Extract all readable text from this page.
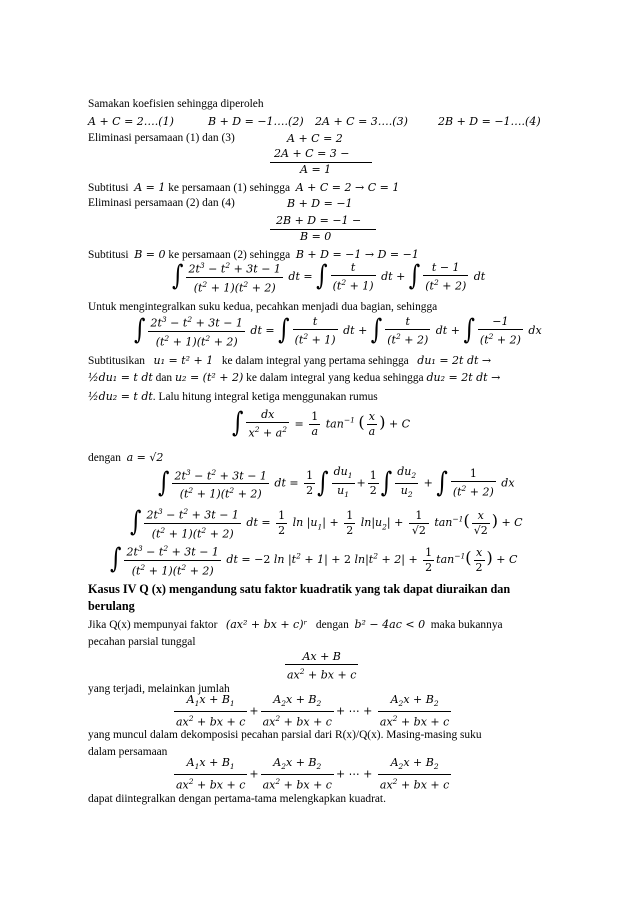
Samakan koefisien sehingga diperoleh
A + C = 2….(1)	B + D = −1….(2) 2A + C = 3….(3)	2B + D = −1….(4)
Eliminasi persamaan (1) dan (3)	A + C = 2
2A + C = 3 −
A = 1
Subtitusi A = 1 ke persamaan (1) sehingga A + C = 2 → C = 1
Eliminasi persamaan (2) dan (4)	B + D = −1
2B + D = −1 −
B = 0
Subtitusi B = 0 ke persamaan (2) sehingga B + D = −1 → D = −1
∫ $\frac{2t^3 - t^2 + 3t - 1}{(t^2 + 1)(t^2 + 2)}$ dt = ∫ $\frac{t}{(t^2 + 1)}$ dt + ∫ $\frac{t - 1}{(t^2 + 2)}$ dt
Untuk mengintegralkan suku kedua, pecahkan menjadi dua bagian, sehingga
∫ $\frac{2t^3 - t^2 + 3t - 1}{(t^2 + 1)(t^2 + 2)}$ dt = ∫ $\frac{t}{(t^2 + 1)}$ dt + ∫ $\frac{t}{(t^2 + 2)}$ dt + ∫ $\frac{-1}{(t^2 + 2)}$ dx
Subtitusikan u₁ = t² + 1 ke dalam integral yang pertama sehingga du₁ = 2t dt →
½du₁ = t dt dan u₂ = (t² + 2) ke dalam integral yang kedua sehingga du₂ = 2t dt →
½du₂ = t dt. Lalu hitung integral ketiga menggunakan rumus
∫ $\frac{dx}{x^2 + a^2} = \frac{1}{a} \tan^{-1}$ ( $\frac{x}{a}$ ) + C
dengan a = √2
∫ $\frac{2t^3 - t^2 + 3t - 1}{(t^2 + 1)(t^2 + 2)}$ dt = $\frac{1}{2}$ ∫ $\frac{du_1}{u_1} + \frac{1}{2}$ ∫ $\frac{du_2}{u_2}$ + ∫ $\frac{1}{(t^2 + 2)}$ dx
∫ $\frac{2t^3 - t^2 + 3t - 1}{(t^2 + 1)(t^2 + 2)}$ dt = $\frac{1}{2}$ $\ln |u_1| + \frac{1}{2} \ln|u_2| + \frac{1}{√2} \tan^{-1}( \frac{x}{√2}$ ) + C
∫ $\frac{2t^3 - t^2 + 3t - 1}{(t^2 + 1)(t^2 + 2)}$ dt = −2 $\ln |t^2 + 1| + 2$ $\ln|t^2 + 2| + \frac{1}{2} \tan^{-1}( \frac{x}{2}$ ) + C
Kasus IV Q (x) mengandung satu faktor kuadratik yang tak dapat diuraikan dan
berulang
Jika Q(x) mempunyai faktor (ax² + bx + c)ʳ dengan b² − 4ac < 0 maka bukannya
pecahan parsial tunggal
$\frac{Ax + B}{ax^2 + bx + c}$
yang terjadi, melainkan jumlah
$\frac{A_1x + B_1}{ax^2 + bx + c} + \frac{A_2x + B_2}{ax^2 + bx + c}$ + ⋯ + $\frac{A_2x + B_2}{ax^2 + bx + c}$
yang muncul dalam dekomposisi pecahan parsial dari R(x)/Q(x). Masing-masing suku
dalam persamaan
$\frac{A_1x + B_1}{ax^2 + bx + c} + \frac{A_2x + B_2}{ax^2 + bx + c}$ + ⋯ + $\frac{A_2x + B_2}{ax^2 + bx + c}$
dapat diintegralkan dengan pertama-tama melengkapkan kuadrat.
